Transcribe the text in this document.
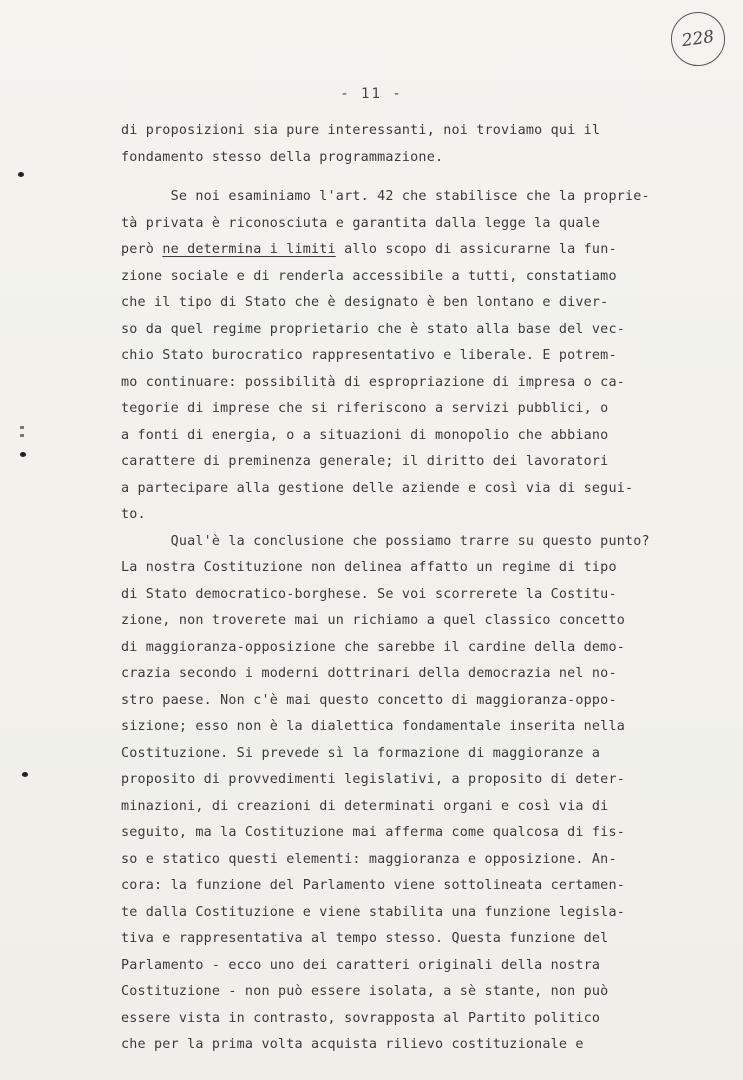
228
- 11 -
di proposizioni sia pure interessanti, noi troviamo qui il
fondamento stesso della programmazione.
Se noi esaminiamo l'art. 42 che stabilisce che la proprie-
tà privata è riconosciuta e garantita dalla legge la quale
però ne determina i limiti allo scopo di assicurarne la fun-
zione sociale e di renderla accessibile a tutti, constatiamo
che il tipo di Stato che è designato è ben lontano e diver-
so da quel regime proprietario che è stato alla base del vec-
chio Stato burocratico rappresentativo e liberale. E potrem-
mo continuare: possibilità di espropriazione di impresa o ca-
tegorie di imprese che si riferiscono a servizi pubblici, o
a fonti di energia, o a situazioni di monopolio che abbiano
carattere di preminenza generale; il diritto dei lavoratori
a partecipare alla gestione delle aziende e così via di segui-
to.
Qual'è la conclusione che possiamo trarre su questo punto?
La nostra Costituzione non delinea affatto un regime di tipo
di Stato democratico-borghese. Se voi scorrerete la Costitu-
zione, non troverete mai un richiamo a quel classico concetto
di maggioranza-opposizione che sarebbe il cardine della demo-
crazia secondo i moderni dottrinari della democrazia nel no-
stro paese. Non c'è mai questo concetto di maggioranza-oppo-
sizione; esso non è la dialettica fondamentale inserita nella
Costituzione. Si prevede sì la formazione di maggioranze a
proposito di provvedimenti legislativi, a proposito di deter-
minazioni, di creazioni di determinati organi e così via di
seguito, ma la Costituzione mai afferma come qualcosa di fis-
so e statico questi elementi: maggioranza e opposizione. An-
cora: la funzione del Parlamento viene sottolineata certamen-
te dalla Costituzione e viene stabilita una funzione legisla-
tiva e rappresentativa al tempo stesso. Questa funzione del
Parlamento - ecco uno dei caratteri originali della nostra
Costituzione - non può essere isolata, a sè stante, non può
essere vista in contrasto, sovrapposta al Partito politico
che per la prima volta acquista rilievo costituzionale e
